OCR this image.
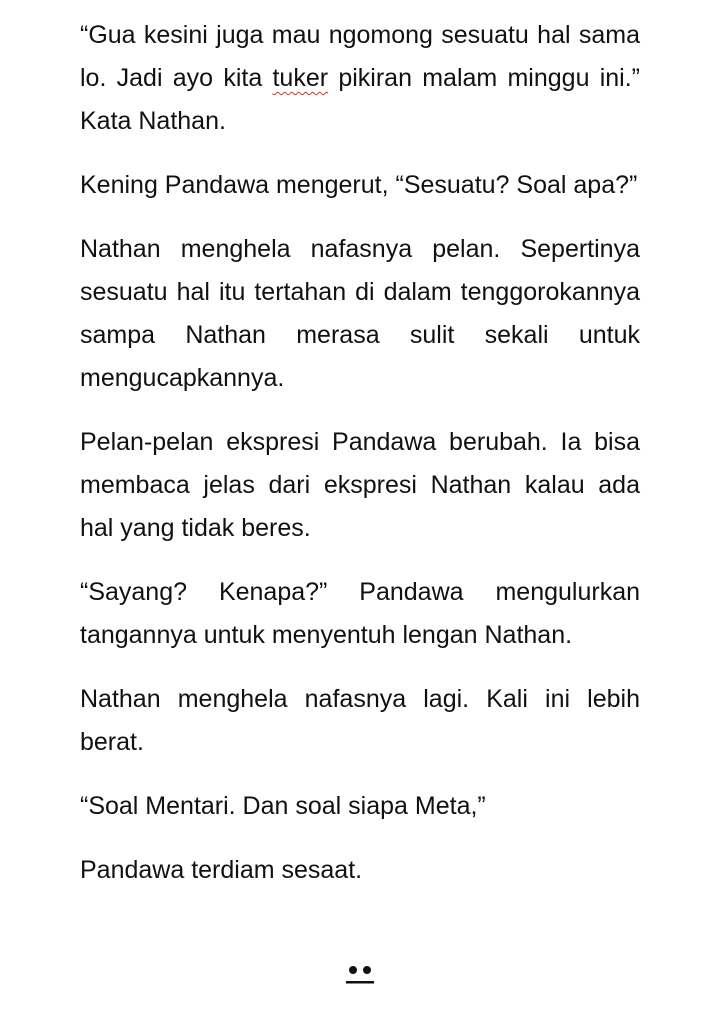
“Gua kesini juga mau ngomong sesuatu hal sama lo. Jadi ayo kita tuker pikiran malam minggu ini.” Kata Nathan.

Kening Pandawa mengerut, “Sesuatu? Soal apa?”

Nathan menghela nafasnya pelan. Sepertinya sesuatu hal itu tertahan di dalam tenggorokannya sampa Nathan merasa sulit sekali untuk mengucapkannya.

Pelan-pelan ekspresi Pandawa berubah. Ia bisa membaca jelas dari ekspresi Nathan kalau ada hal yang tidak beres.

“Sayang? Kenapa?” Pandawa mengulurkan tangannya untuk menyentuh lengan Nathan.

Nathan menghela nafasnya lagi. Kali ini lebih berat.

“Soal Mentari. Dan soal siapa Meta,”

Pandawa terdiam sesaat.
